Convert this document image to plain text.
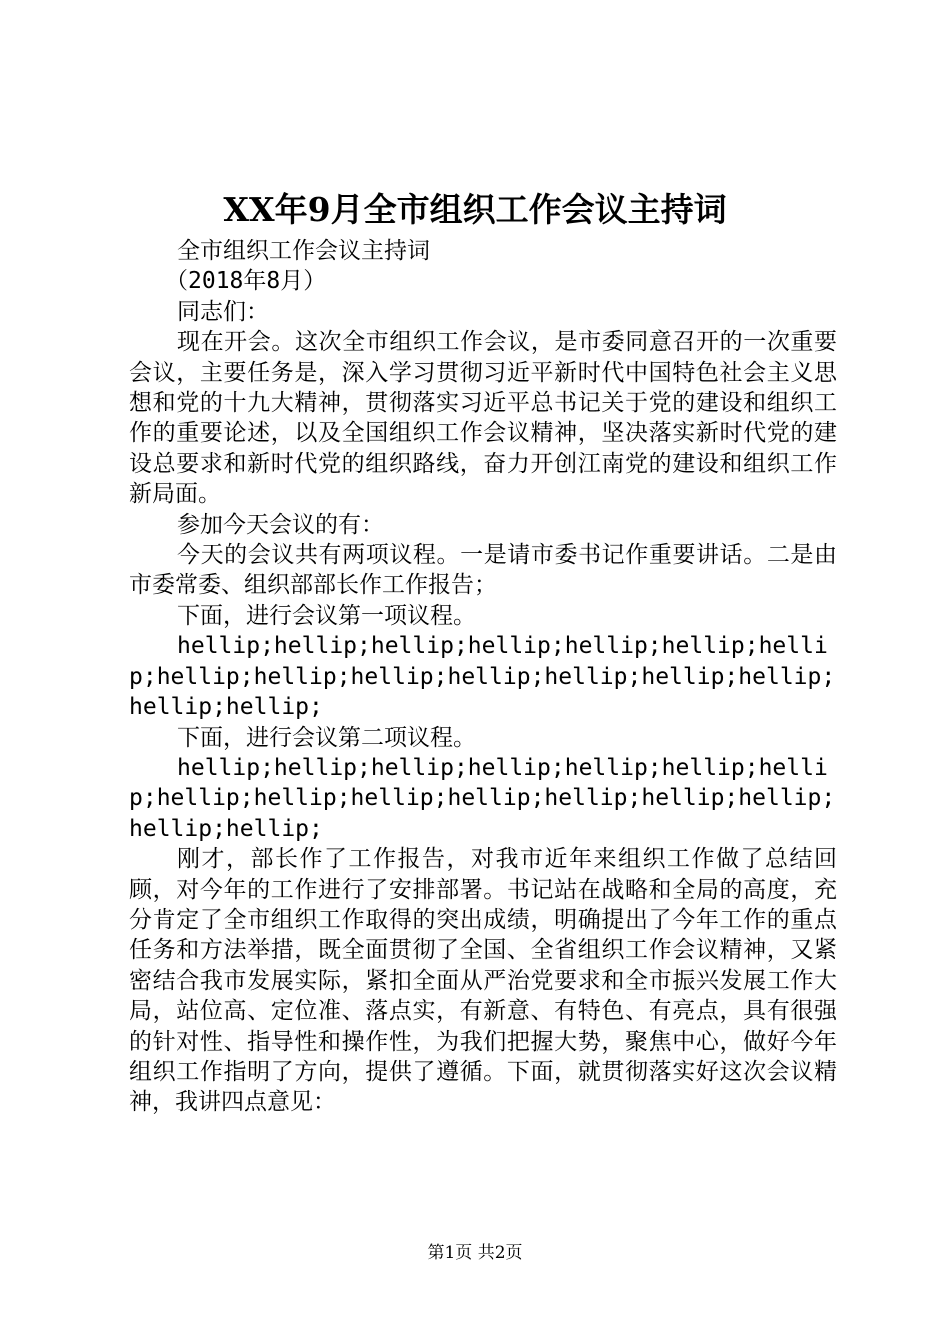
XX年9月全市组织工作会议主持词

全市组织工作会议主持词

（2018年8月）

同志们：

现在开会。这次全市组织工作会议，是市委同意召开的一次重要会议，主要任务是，深入学习贯彻习近平新时代中国特色社会主义思想和党的十九大精神，贯彻落实习近平总书记关于党的建设和组织工作的重要论述，以及全国组织工作会议精神，坚决落实新时代党的建设总要求和新时代党的组织路线，奋力开创江南党的建设和组织工作新局面。

参加今天会议的有：

今天的会议共有两项议程。一是请市委书记作重要讲话。二是由市委常委、组织部部长作工作报告；

下面，进行会议第一项议程。

hellip;hellip;hellip;hellip;hellip;hellip;hellip;hellip;hellip;hellip;hellip;hellip;hellip;hellip;hellip;hellip;

下面，进行会议第二项议程。

hellip;hellip;hellip;hellip;hellip;hellip;hellip;hellip;hellip;hellip;hellip;hellip;hellip;hellip;hellip;hellip;

刚才，部长作了工作报告，对我市近年来组织工作做了总结回顾，对今年的工作进行了安排部署。书记站在战略和全局的高度，充分肯定了全市组织工作取得的突出成绩，明确提出了今年工作的重点任务和方法举措，既全面贯彻了全国、全省组织工作会议精神，又紧密结合我市发展实际，紧扣全面从严治党要求和全市振兴发展工作大局，站位高、定位准、落点实，有新意、有特色、有亮点，具有很强的针对性、指导性和操作性，为我们把握大势，聚焦中心，做好今年组织工作指明了方向，提供了遵循。下面，就贯彻落实好这次会议精神，我讲四点意见：

第1页 共2页
